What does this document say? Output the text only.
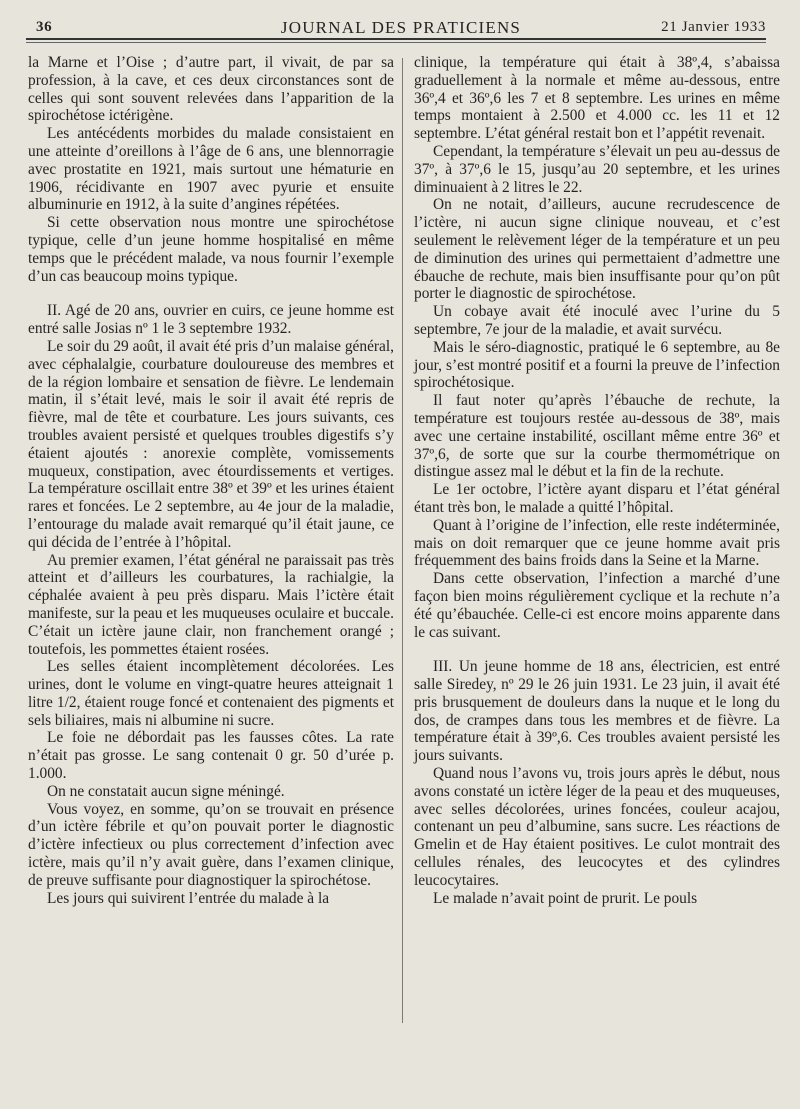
36	JOURNAL DES PRATICIENS	21 Janvier 1933

la Marne et l’Oise ; d’autre part, il vivait, de par sa profession, à la cave, et ces deux circonstances sont de celles qui sont souvent relevées dans l’apparition de la spirochétose ictérigène.

Les antécédents morbides du malade consistaient en une atteinte d’oreillons à l’âge de 6 ans, une blennorragie avec prostatite en 1921, mais surtout une hématurie en 1906, récidivante en 1907 avec pyurie et ensuite albuminurie en 1912, à la suite d’angines répétées.

Si cette observation nous montre une spirochétose typique, celle d’un jeune homme hospitalisé en même temps que le précédent malade, va nous fournir l’exemple d’un cas beaucoup moins typique.

II. Agé de 20 ans, ouvrier en cuirs, ce jeune homme est entré salle Josias nº 1 le 3 septembre 1932.

Le soir du 29 août, il avait été pris d’un malaise général, avec céphalalgie, courbature douloureuse des membres et de la région lombaire et sensation de fièvre. Le lendemain matin, il s’était levé, mais le soir il avait été repris de fièvre, mal de tête et courbature. Les jours suivants, ces troubles avaient persisté et quelques troubles digestifs s’y étaient ajoutés : anorexie complète, vomissements muqueux, constipation, avec étourdissements et vertiges. La température oscillait entre 38º et 39º et les urines étaient rares et foncées. Le 2 septembre, au 4e jour de la maladie, l’entourage du malade avait remarqué qu’il était jaune, ce qui décida de l’entrée à l’hôpital.

Au premier examen, l’état général ne paraissait pas très atteint et d’ailleurs les courbatures, la rachialgie, la céphalée avaient à peu près disparu. Mais l’ictère était manifeste, sur la peau et les muqueuses oculaire et buccale. C’était un ictère jaune clair, non franchement orangé ; toutefois, les pommettes étaient rosées.

Les selles étaient incomplètement décolorées. Les urines, dont le volume en vingt-quatre heures atteignait 1 litre 1/2, étaient rouge foncé et contenaient des pigments et sels biliaires, mais ni albumine ni sucre.

Le foie ne débordait pas les fausses côtes. La rate n’était pas grosse. Le sang contenait 0 gr. 50 d’urée p. 1.000.

On ne constatait aucun signe méningé.

Vous voyez, en somme, qu’on se trouvait en présence d’un ictère fébrile et qu’on pouvait porter le diagnostic d’ictère infectieux ou plus correctement d’infection avec ictère, mais qu’il n’y avait guère, dans l’examen clinique, de preuve suffisante pour diagnostiquer la spirochétose.

Les jours qui suivirent l’entrée du malade à la

clinique, la température qui était à 38º,4, s’abaissa graduellement à la normale et même au-dessous, entre 36º,4 et 36º,6 les 7 et 8 septembre. Les urines en même temps montaient à 2.500 et 4.000 cc. les 11 et 12 septembre. L’état général restait bon et l’appétit revenait.

Cependant, la température s’élevait un peu au-dessus de 37º, à 37º,6 le 15, jusqu’au 20 septembre, et les urines diminuaient à 2 litres le 22.

On ne notait, d’ailleurs, aucune recrudescence de l’ictère, ni aucun signe clinique nouveau, et c’est seulement le relèvement léger de la température et un peu de diminution des urines qui permettaient d’admettre une ébauche de rechute, mais bien insuffisante pour qu’on pût porter le diagnostic de spirochétose.

Un cobaye avait été inoculé avec l’urine du 5 septembre, 7e jour de la maladie, et avait survécu.

Mais le séro-diagnostic, pratiqué le 6 septembre, au 8e jour, s’est montré positif et a fourni la preuve de l’infection spirochétosique.

Il faut noter qu’après l’ébauche de rechute, la température est toujours restée au-dessous de 38º, mais avec une certaine instabilité, oscillant même entre 36º et 37º,6, de sorte que sur la courbe thermométrique on distingue assez mal le début et la fin de la rechute.

Le 1er octobre, l’ictère ayant disparu et l’état général étant très bon, le malade a quitté l’hôpital.

Quant à l’origine de l’infection, elle reste indéterminée, mais on doit remarquer que ce jeune homme avait pris fréquemment des bains froids dans la Seine et la Marne.

Dans cette observation, l’infection a marché d’une façon bien moins régulièrement cyclique et la rechute n’a été qu’ébauchée. Celle-ci est encore moins apparente dans le cas suivant.

III. Un jeune homme de 18 ans, électricien, est entré salle Siredey, nº 29 le 26 juin 1931. Le 23 juin, il avait été pris brusquement de douleurs dans la nuque et le long du dos, de crampes dans tous les membres et de fièvre. La température était à 39º,6. Ces troubles avaient persisté les jours suivants.

Quand nous l’avons vu, trois jours après le début, nous avons constaté un ictère léger de la peau et des muqueuses, avec selles décolorées, urines foncées, couleur acajou, contenant un peu d’albumine, sans sucre. Les réactions de Gmelin et de Hay étaient positives. Le culot montrait des cellules rénales, des leucocytes et des cylindres leucocytaires.

Le malade n’avait point de prurit. Le pouls
